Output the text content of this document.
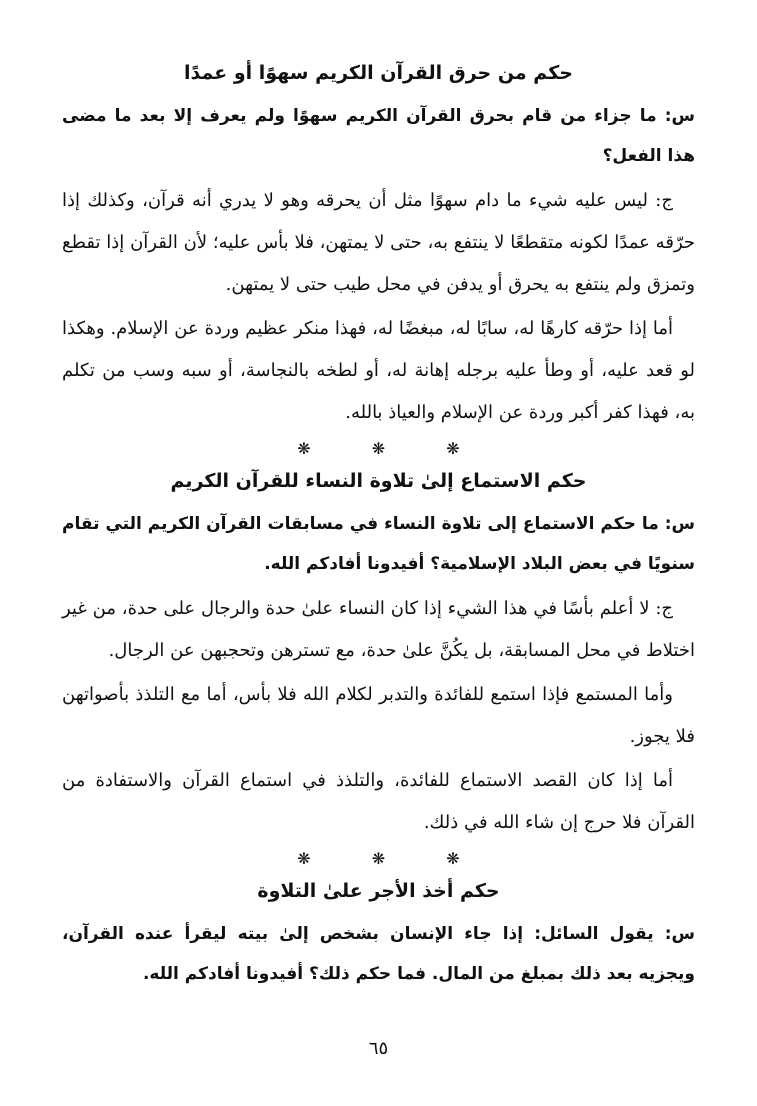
حكم من حرق القرآن الكريم سهوًا أو عمدًا

س: ما جزاء من قام بحرق القرآن الكريم سهوًا ولم يعرف إلا بعد ما مضى هذا الفعل؟

ج: ليس عليه شيء ما دام سهوًا مثل أن يحرقه وهو لا يدري أنه قرآن، وكذلك إذا حرّقه عمدًا لكونه متقطعًا لا ينتفع به، حتى لا يمتهن، فلا بأس عليه؛ لأن القرآن إذا تقطع وتمزق ولم ينتفع به يحرق أو يدفن في محل طيب حتى لا يمتهن.

أما إذا حرّقه كارهًا له، سابًا له، مبغضًا له، فهذا منكر عظيم وردة عن الإسلام. وهكذا لو قعد عليه، أو وطأ عليه برجله إهانة له، أو لطخه بالنجاسة، أو سبه وسب من تكلم به، فهذا كفر أكبر وردة عن الإسلام والعياذ بالله.

❋ ❋ ❋
حكم الاستماع إلىٰ تلاوة النساء للقرآن الكريم

س: ما حكم الاستماع إلى تلاوة النساء في مسابقات القرآن الكريم التي تقام سنويًا في بعض البلاد الإسلامية؟ أفيدونا أفادكم الله.

ج: لا أعلم بأسًا في هذا الشيء إذا كان النساء علىٰ حدة والرجال على حدة، من غير اختلاط في محل المسابقة، بل يكُنَّ علىٰ حدة، مع تسترهن وتحجبهن عن الرجال.

وأما المستمع فإذا استمع للفائدة والتدبر لكلام الله فلا بأس، أما مع التلذذ بأصواتهن فلا يجوز.

أما إذا كان القصد الاستماع للفائدة، والتلذذ في استماع القرآن والاستفادة من القرآن فلا حرج إن شاء الله في ذلك.

❋ ❋ ❋
حكم أخذ الأجر علىٰ التلاوة

س: يقول السائل: إذا جاء الإنسان بشخص إلىٰ بيته ليقرأ عنده القرآن، ويجزيه بعد ذلك بمبلغ من المال. فما حكم ذلك؟ أفيدونا أفادكم الله.

٦٥
